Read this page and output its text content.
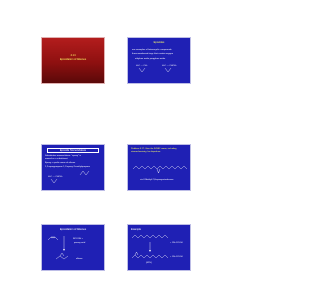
4.14
Epoxidation of Alkenes
Epoxides
are examples of heterocyclic compounds
three-membered rings that contain oxygen
ethylene oxide propylene oxide
H₂C — CH₂	H₂C — CHCH₃
Epoxide Nomenclature
Substitutive nomenclature: "epoxy" is
named as a substituent
Epoxy: a prefix name of ethane
1,2-epoxypropane 1,2-epoxy-2-methylpropane
H₂C — CHCH₃
Problem 4.17: Give the IUPAC name, including stereochemistry, for disparlure.
cis-2-Methyl-7,8-epoxyoctadecane
Epoxidation of Alkenes
RCOOH +
peroxy acid
alkene
Example
+ CH₃COOH
(62%)
+ CH₃COOH
